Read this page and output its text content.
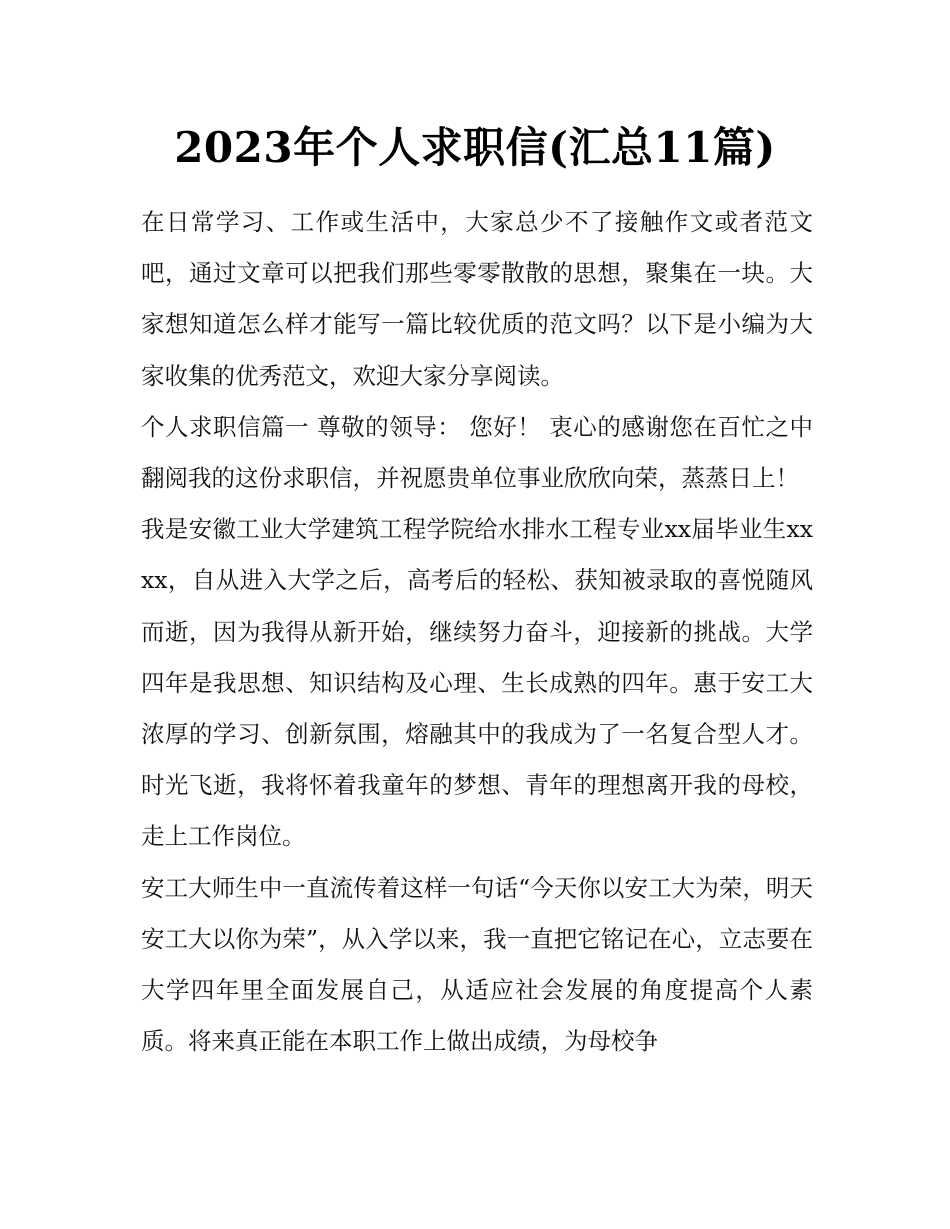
2023年个人求职信(汇总11篇)

在日常学习、工作或生活中，大家总少不了接触作文或者范文吧，通过文章可以把我们那些零零散散的思想，聚集在一块。大家想知道怎么样才能写一篇比较优质的范文吗？以下是小编为大家收集的优秀范文，欢迎大家分享阅读。

个人求职信篇一 尊敬的领导： 您好！ 衷心的感谢您在百忙之中翻阅我的这份求职信，并祝愿贵单位事业欣欣向荣，蒸蒸日上！

我是安徽工业大学建筑工程学院给水排水工程专业xx届毕业生xxxx，自从进入大学之后，高考后的轻松、获知被录取的喜悦随风而逝，因为我得从新开始，继续努力奋斗，迎接新的挑战。大学四年是我思想、知识结构及心理、生长成熟的四年。惠于安工大浓厚的学习、创新氛围，熔融其中的我成为了一名复合型人才。时光飞逝，我将怀着我童年的梦想、青年的理想离开我的母校，走上工作岗位。

安工大师生中一直流传着这样一句话“今天你以安工大为荣，明天安工大以你为荣”，从入学以来，我一直把它铭记在心，立志要在大学四年里全面发展自己，从适应社会发展的角度提高个人素质。将来真正能在本职工作上做出成绩，为母校争
